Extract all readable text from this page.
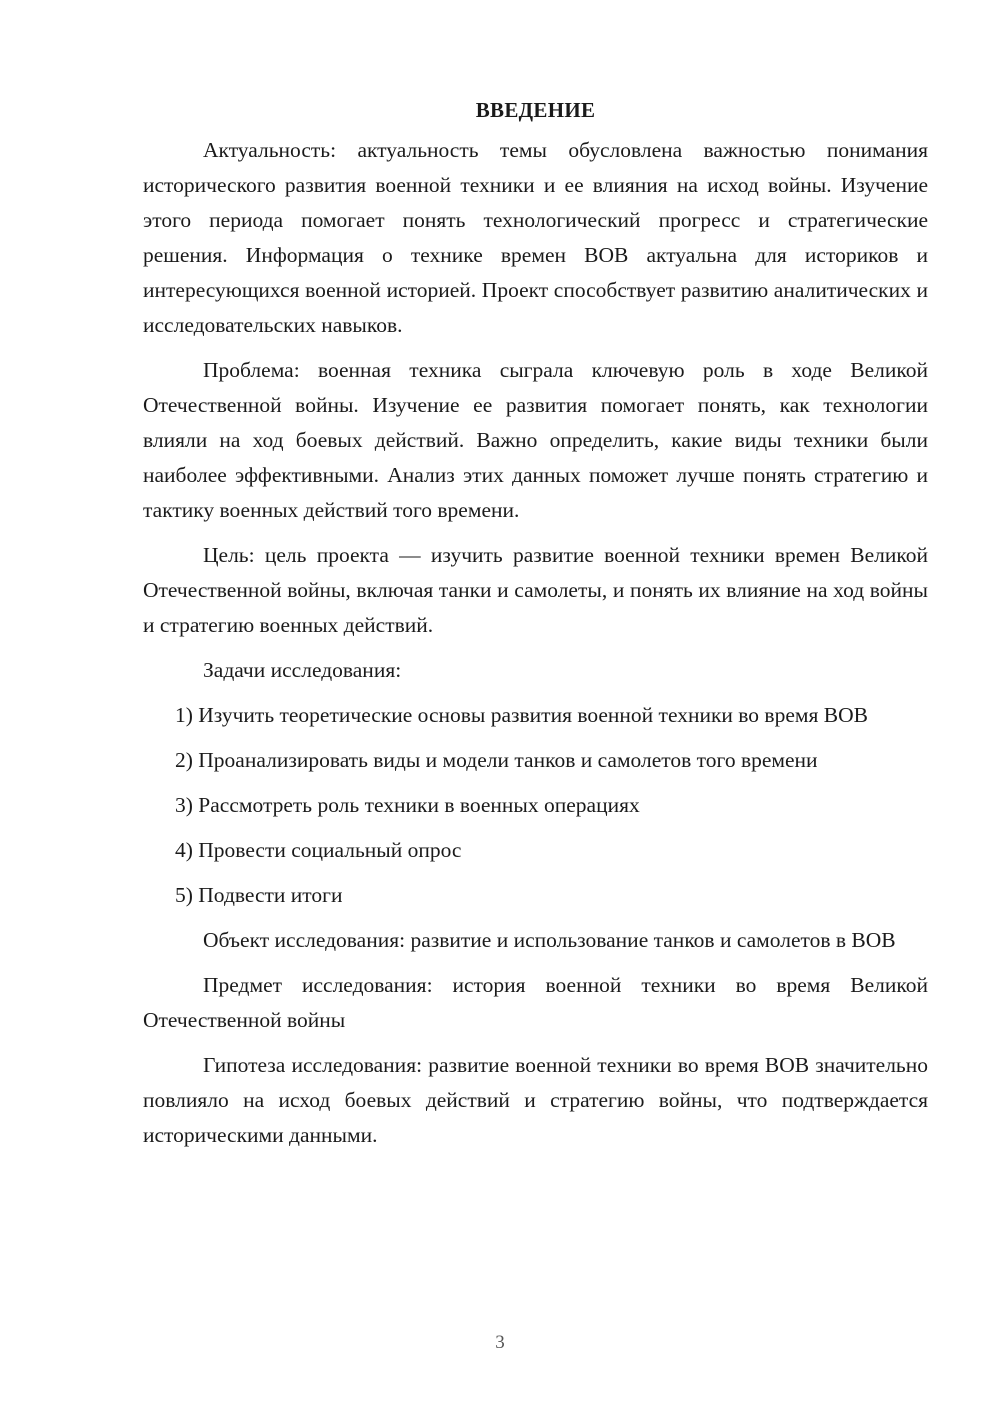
ВВЕДЕНИЕ

Актуальность: актуальность темы обусловлена важностью понимания исторического развития военной техники и ее влияния на исход войны. Изучение этого периода помогает понять технологический прогресс и стратегические решения. Информация о технике времен ВОВ актуальна для историков и интересующихся военной историей. Проект способствует развитию аналитических и исследовательских навыков.

Проблема: военная техника сыграла ключевую роль в ходе Великой Отечественной войны. Изучение ее развития помогает понять, как технологии влияли на ход боевых действий. Важно определить, какие виды техники были наиболее эффективными. Анализ этих данных поможет лучше понять стратегию и тактику военных действий того времени.

Цель: цель проекта — изучить развитие военной техники времен Великой Отечественной войны, включая танки и самолеты, и понять их влияние на ход войны и стратегию военных действий.

Задачи исследования:

1) Изучить теоретические основы развития военной техники во время ВОВ

2) Проанализировать виды и модели танков и самолетов того времени

3) Рассмотреть роль техники в военных операциях

4) Провести социальный опрос

5) Подвести итоги

Объект исследования: развитие и использование танков и самолетов в ВОВ

Предмет исследования: история военной техники во время Великой Отечественной войны

Гипотеза исследования: развитие военной техники во время ВОВ значительно повлияло на исход боевых действий и стратегию войны, что подтверждается историческими данными.

3
